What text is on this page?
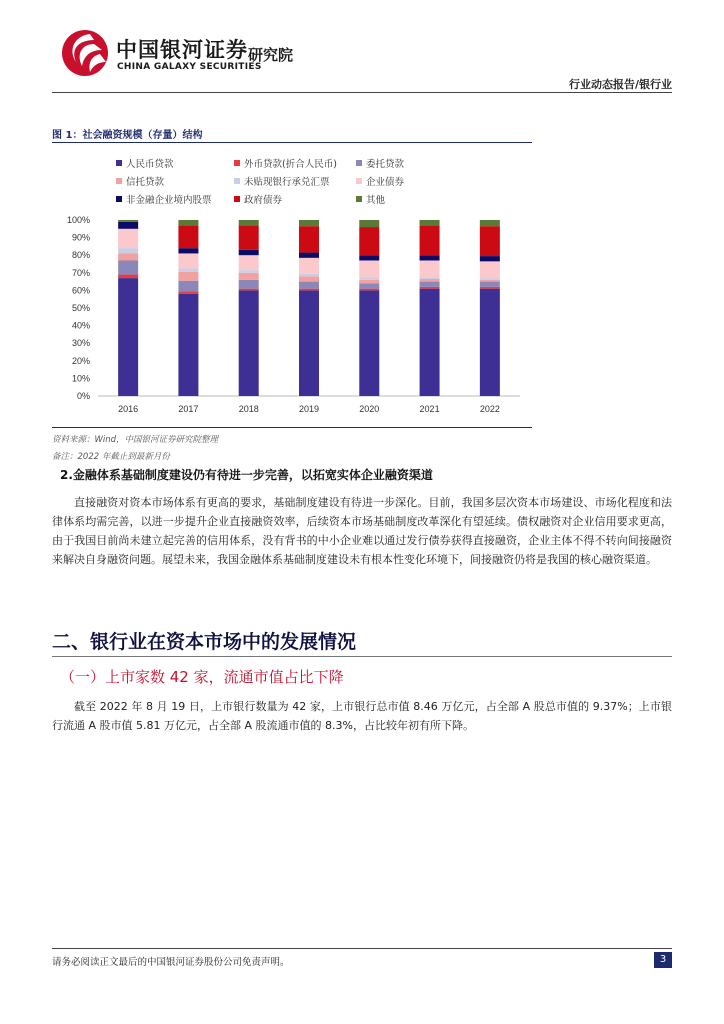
中国银河证券
CHINA GALAXY SECURITIES
研究院
行业动态报告/银行业
图 1：社会融资规模（存量）结构
人民币贷款	外币贷款(折合人民币)	委托贷款
信托贷款	未贴现银行承兑汇票	企业债券
非金融企业境内股票	政府债券	其他
0%
10%
20%
30%
40%
50%
60%
70%
80%
90%
100%
2016	2017	2018	2019	2020	2021	2022
资料来源：Wind，中国银河证券研究院整理
备注：2022 年截止到最新月份
2.金融体系基础制度建设仍有待进一步完善，以拓宽实体企业融资渠道

直接融资对资本市场体系有更高的要求，基础制度建设有待进一步深化。目前，我国多层次资本市场建设、市场化程度和法律体系均需完善，以进一步提升企业直接融资效率，后续资本市场基础制度改革深化有望延续。债权融资对企业信用要求更高，由于我国目前尚未建立起完善的信用体系，没有背书的中小企业难以通过发行债券获得直接融资，企业主体不得不转向间接融资来解决自身融资问题。展望未来，我国金融体系基础制度建设未有根本性变化环境下，间接融资仍将是我国的核心融资渠道。

二、银行业在资本市场中的发展情况
（一）上市家数 42 家，流通市值占比下降

截至 2022 年 8 月 19 日，上市银行数量为 42 家，上市银行总市值 8.46 万亿元，占全部 A 股总市值的 9.37%；上市银行流通 A 股市值 5.81 万亿元，占全部 A 股流通市值的 8.3%，占比较年初有所下降。

请务必阅读正文最后的中国银河证券股份公司免责声明。	3
